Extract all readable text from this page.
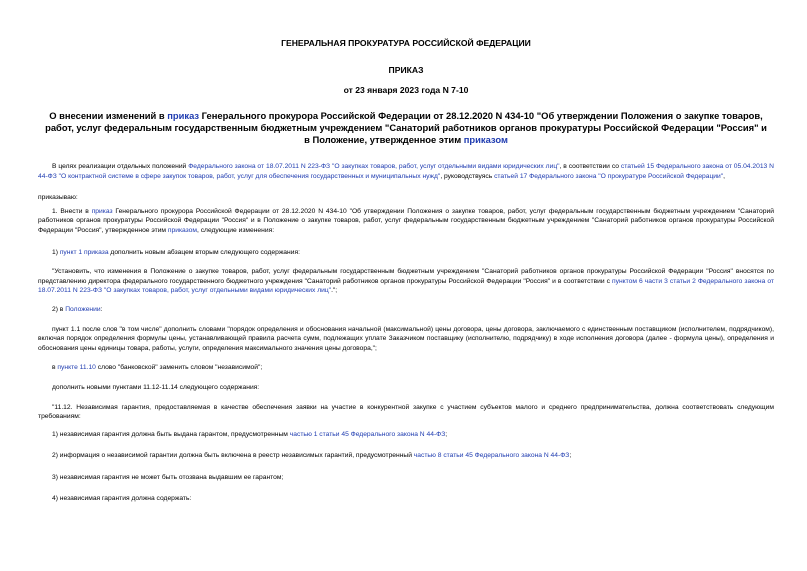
ГЕНЕРАЛЬНАЯ ПРОКУРАТУРА РОССИЙСКОЙ ФЕДЕРАЦИИ
ПРИКАЗ
от 23 января 2023 года N 7-10
О внесении изменений в приказ Генерального прокурора Российской Федерации от 28.12.2020 N 434-10 "Об утверждении Положения о закупке товаров, работ, услуг федеральным государственным бюджетным учреждением "Санаторий работников органов прокуратуры Российской Федерации "Россия" и в Положение, утвержденное этим приказом

В целях реализации отдельных положений Федерального закона от 18.07.2011 N 223-ФЗ "О закупках товаров, работ, услуг отдельными видами юридических лиц", в соответствии со статьей 15 Федерального закона от 05.04.2013 N 44-ФЗ "О контрактной системе в сфере закупок товаров, работ, услуг для обеспечения государственных и муниципальных нужд", руководствуясь статьей 17 Федерального закона "О прокуратуре Российской Федерации",

приказываю:

1. Внести в приказ Генерального прокурора Российской Федерации от 28.12.2020 N 434-10 "Об утверждении Положения о закупке товаров, работ, услуг федеральным государственным бюджетным учреждением "Санаторий работников органов прокуратуры Российской Федерации "Россия" и в Положение о закупке товаров, работ, услуг федеральным государственным бюджетным учреждением "Санаторий работников органов прокуратуры Российской Федерации "Россия", утвержденное этим приказом, следующие изменения:

1) пункт 1 приказа дополнить новым абзацем вторым следующего содержания:

"Установить, что изменения в Положение о закупке товаров, работ, услуг федеральным государственным бюджетным учреждением "Санаторий работников органов прокуратуры Российской Федерации "Россия" вносятся по представлению директора федерального государственного бюджетного учреждения "Санаторий работников органов прокуратуры Российской Федерации "Россия" и в соответствии с пунктом 6 части 3 статьи 2 Федерального закона от 18.07.2011 N 223-ФЗ "О закупках товаров, работ, услуг отдельными видами юридических лиц".";

2) в Положении:

пункт 1.1 после слов "в том числе" дополнить словами "порядок определения и обоснования начальной (максимальной) цены договора, цены договора, заключаемого с единственным поставщиком (исполнителем, подрядчиком), включая порядок определения формулы цены, устанавливающей правила расчета сумм, подлежащих уплате Заказчиком поставщику (исполнителю, подрядчику) в ходе исполнения договора (далее - формула цены), определения и обоснования цены единицы товара, работы, услуги, определения максимального значения цены договора,";

в пункте 11.10 слово "банковской" заменить словом "независимой";

дополнить новыми пунктами 11.12-11.14 следующего содержания:

"11.12. Независимая гарантия, предоставляемая в качестве обеспечения заявки на участие в конкурентной закупке с участием субъектов малого и среднего предпринимательства, должна соответствовать следующим требованиям:

1) независимая гарантия должна быть выдана гарантом, предусмотренным частью 1 статьи 45 Федерального закона N 44-ФЗ;

2) информация о независимой гарантии должна быть включена в реестр независимых гарантий, предусмотренный частью 8 статьи 45 Федерального закона N 44-ФЗ;

3) независимая гарантия не может быть отозвана выдавшим ее гарантом;

4) независимая гарантия должна содержать:
